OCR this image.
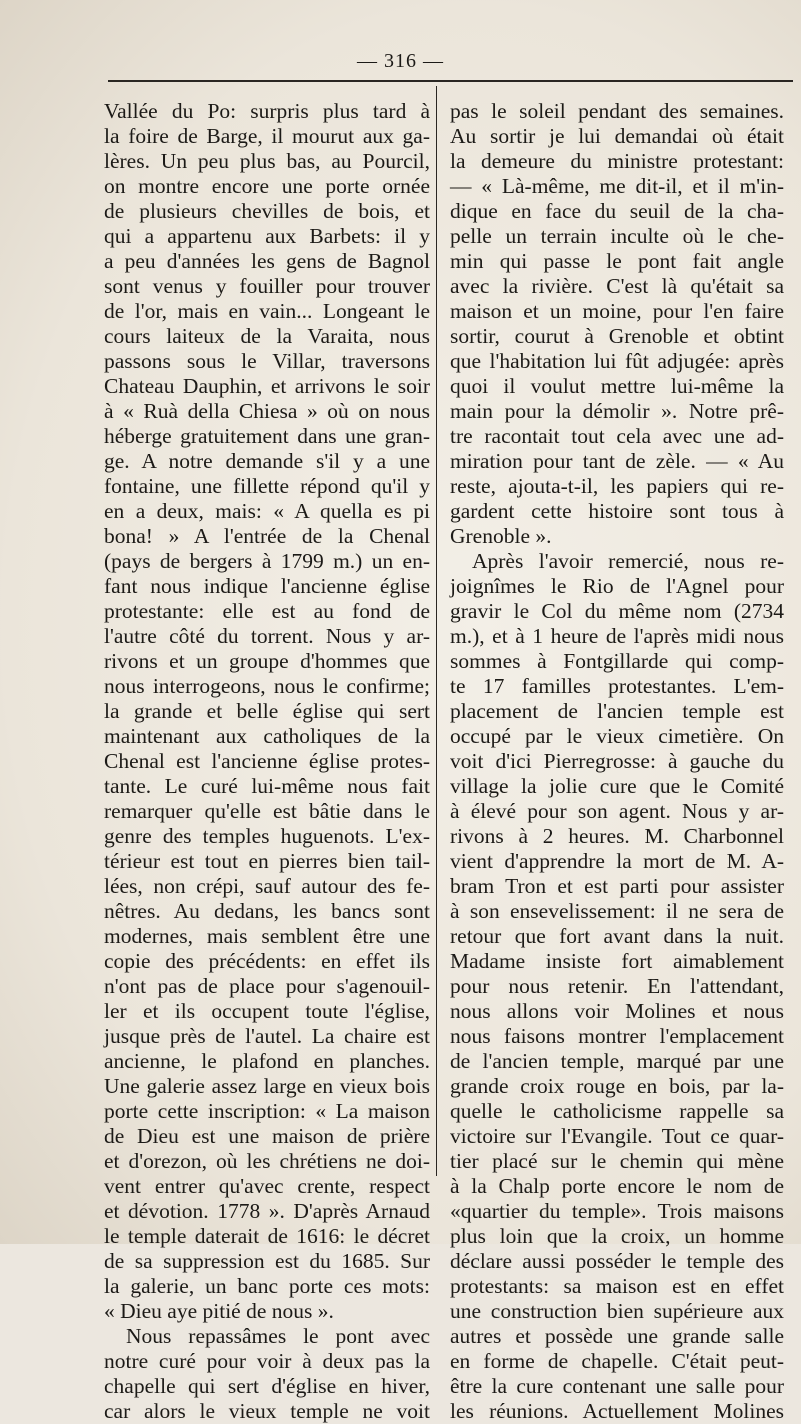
— 316 —
Vallée du Po: surpris plus tard à
la foire de Barge, il mourut aux ga-
lères. Un peu plus bas, au Pourcil,
on montre encore une porte ornée
de plusieurs chevilles de bois, et
qui a appartenu aux Barbets: il y
a peu d'années les gens de Bagnol
sont venus y fouiller pour trouver
de l'or, mais en vain... Longeant le
cours laiteux de la Varaita, nous
passons sous le Villar, traversons
Chateau Dauphin, et arrivons le soir
à « Ruà della Chiesa » où on nous
héberge gratuitement dans une gran-
ge. A notre demande s'il y a une
fontaine, une fillette répond qu'il y
en a deux, mais: « A quella es pi
bona! » A l'entrée de la Chenal
(pays de bergers à 1799 m.) un en-
fant nous indique l'ancienne église
protestante: elle est au fond de
l'autre côté du torrent. Nous y ar-
rivons et un groupe d'hommes que
nous interrogeons, nous le confirme;
la grande et belle église qui sert
maintenant aux catholiques de la
Chenal est l'ancienne église protes-
tante. Le curé lui-même nous fait
remarquer qu'elle est bâtie dans le
genre des temples huguenots. L'ex-
térieur est tout en pierres bien tail-
lées, non crépi, sauf autour des fe-
nêtres. Au dedans, les bancs sont
modernes, mais semblent être une
copie des précédents: en effet ils
n'ont pas de place pour s'agenouil-
ler et ils occupent toute l'église,
jusque près de l'autel. La chaire est
ancienne, le plafond en planches.
Une galerie assez large en vieux bois
porte cette inscription: « La maison
de Dieu est une maison de prière
et d'orezon, où les chrétiens ne doi-
vent entrer qu'avec crente, respect
et dévotion. 1778 ». D'après Arnaud
le temple daterait de 1616: le décret
de sa suppression est du 1685. Sur
la galerie, un banc porte ces mots:
« Dieu aye pitié de nous ».
Nous repassâmes le pont avec
notre curé pour voir à deux pas la
chapelle qui sert d'église en hiver,
car alors le vieux temple ne voit
pas le soleil pendant des semaines.
Au sortir je lui demandai où était
la demeure du ministre protestant:
— « Là-même, me dit-il, et il m'in-
dique en face du seuil de la cha-
pelle un terrain inculte où le che-
min qui passe le pont fait angle
avec la rivière. C'est là qu'était sa
maison et un moine, pour l'en faire
sortir, courut à Grenoble et obtint
que l'habitation lui fût adjugée: après
quoi il voulut mettre lui-même la
main pour la démolir ». Notre prê-
tre racontait tout cela avec une ad-
miration pour tant de zèle. — « Au
reste, ajouta-t-il, les papiers qui re-
gardent cette histoire sont tous à
Grenoble ».
Après l'avoir remercié, nous re-
joignîmes le Rio de l'Agnel pour
gravir le Col du même nom (2734
m.), et à 1 heure de l'après midi nous
sommes à Fontgillarde qui comp-
te 17 familles protestantes. L'em-
placement de l'ancien temple est
occupé par le vieux cimetière. On
voit d'ici Pierregrosse: à gauche du
village la jolie cure que le Comité
à élevé pour son agent. Nous y ar-
rivons à 2 heures. M. Charbonnel
vient d'apprendre la mort de M. A-
bram Tron et est parti pour assister
à son ensevelissement: il ne sera de
retour que fort avant dans la nuit.
Madame insiste fort aimablement
pour nous retenir. En l'attendant,
nous allons voir Molines et nous
nous faisons montrer l'emplacement
de l'ancien temple, marqué par une
grande croix rouge en bois, par la-
quelle le catholicisme rappelle sa
victoire sur l'Evangile. Tout ce quar-
tier placé sur le chemin qui mène
à la Chalp porte encore le nom de
«quartier du temple». Trois maisons
plus loin que la croix, un homme
déclare aussi posséder le temple des
protestants: sa maison est en effet
une construction bien supérieure aux
autres et possède une grande salle
en forme de chapelle. C'était peut-
être la cure contenant une salle pour
les réunions. Actuellement Molines
